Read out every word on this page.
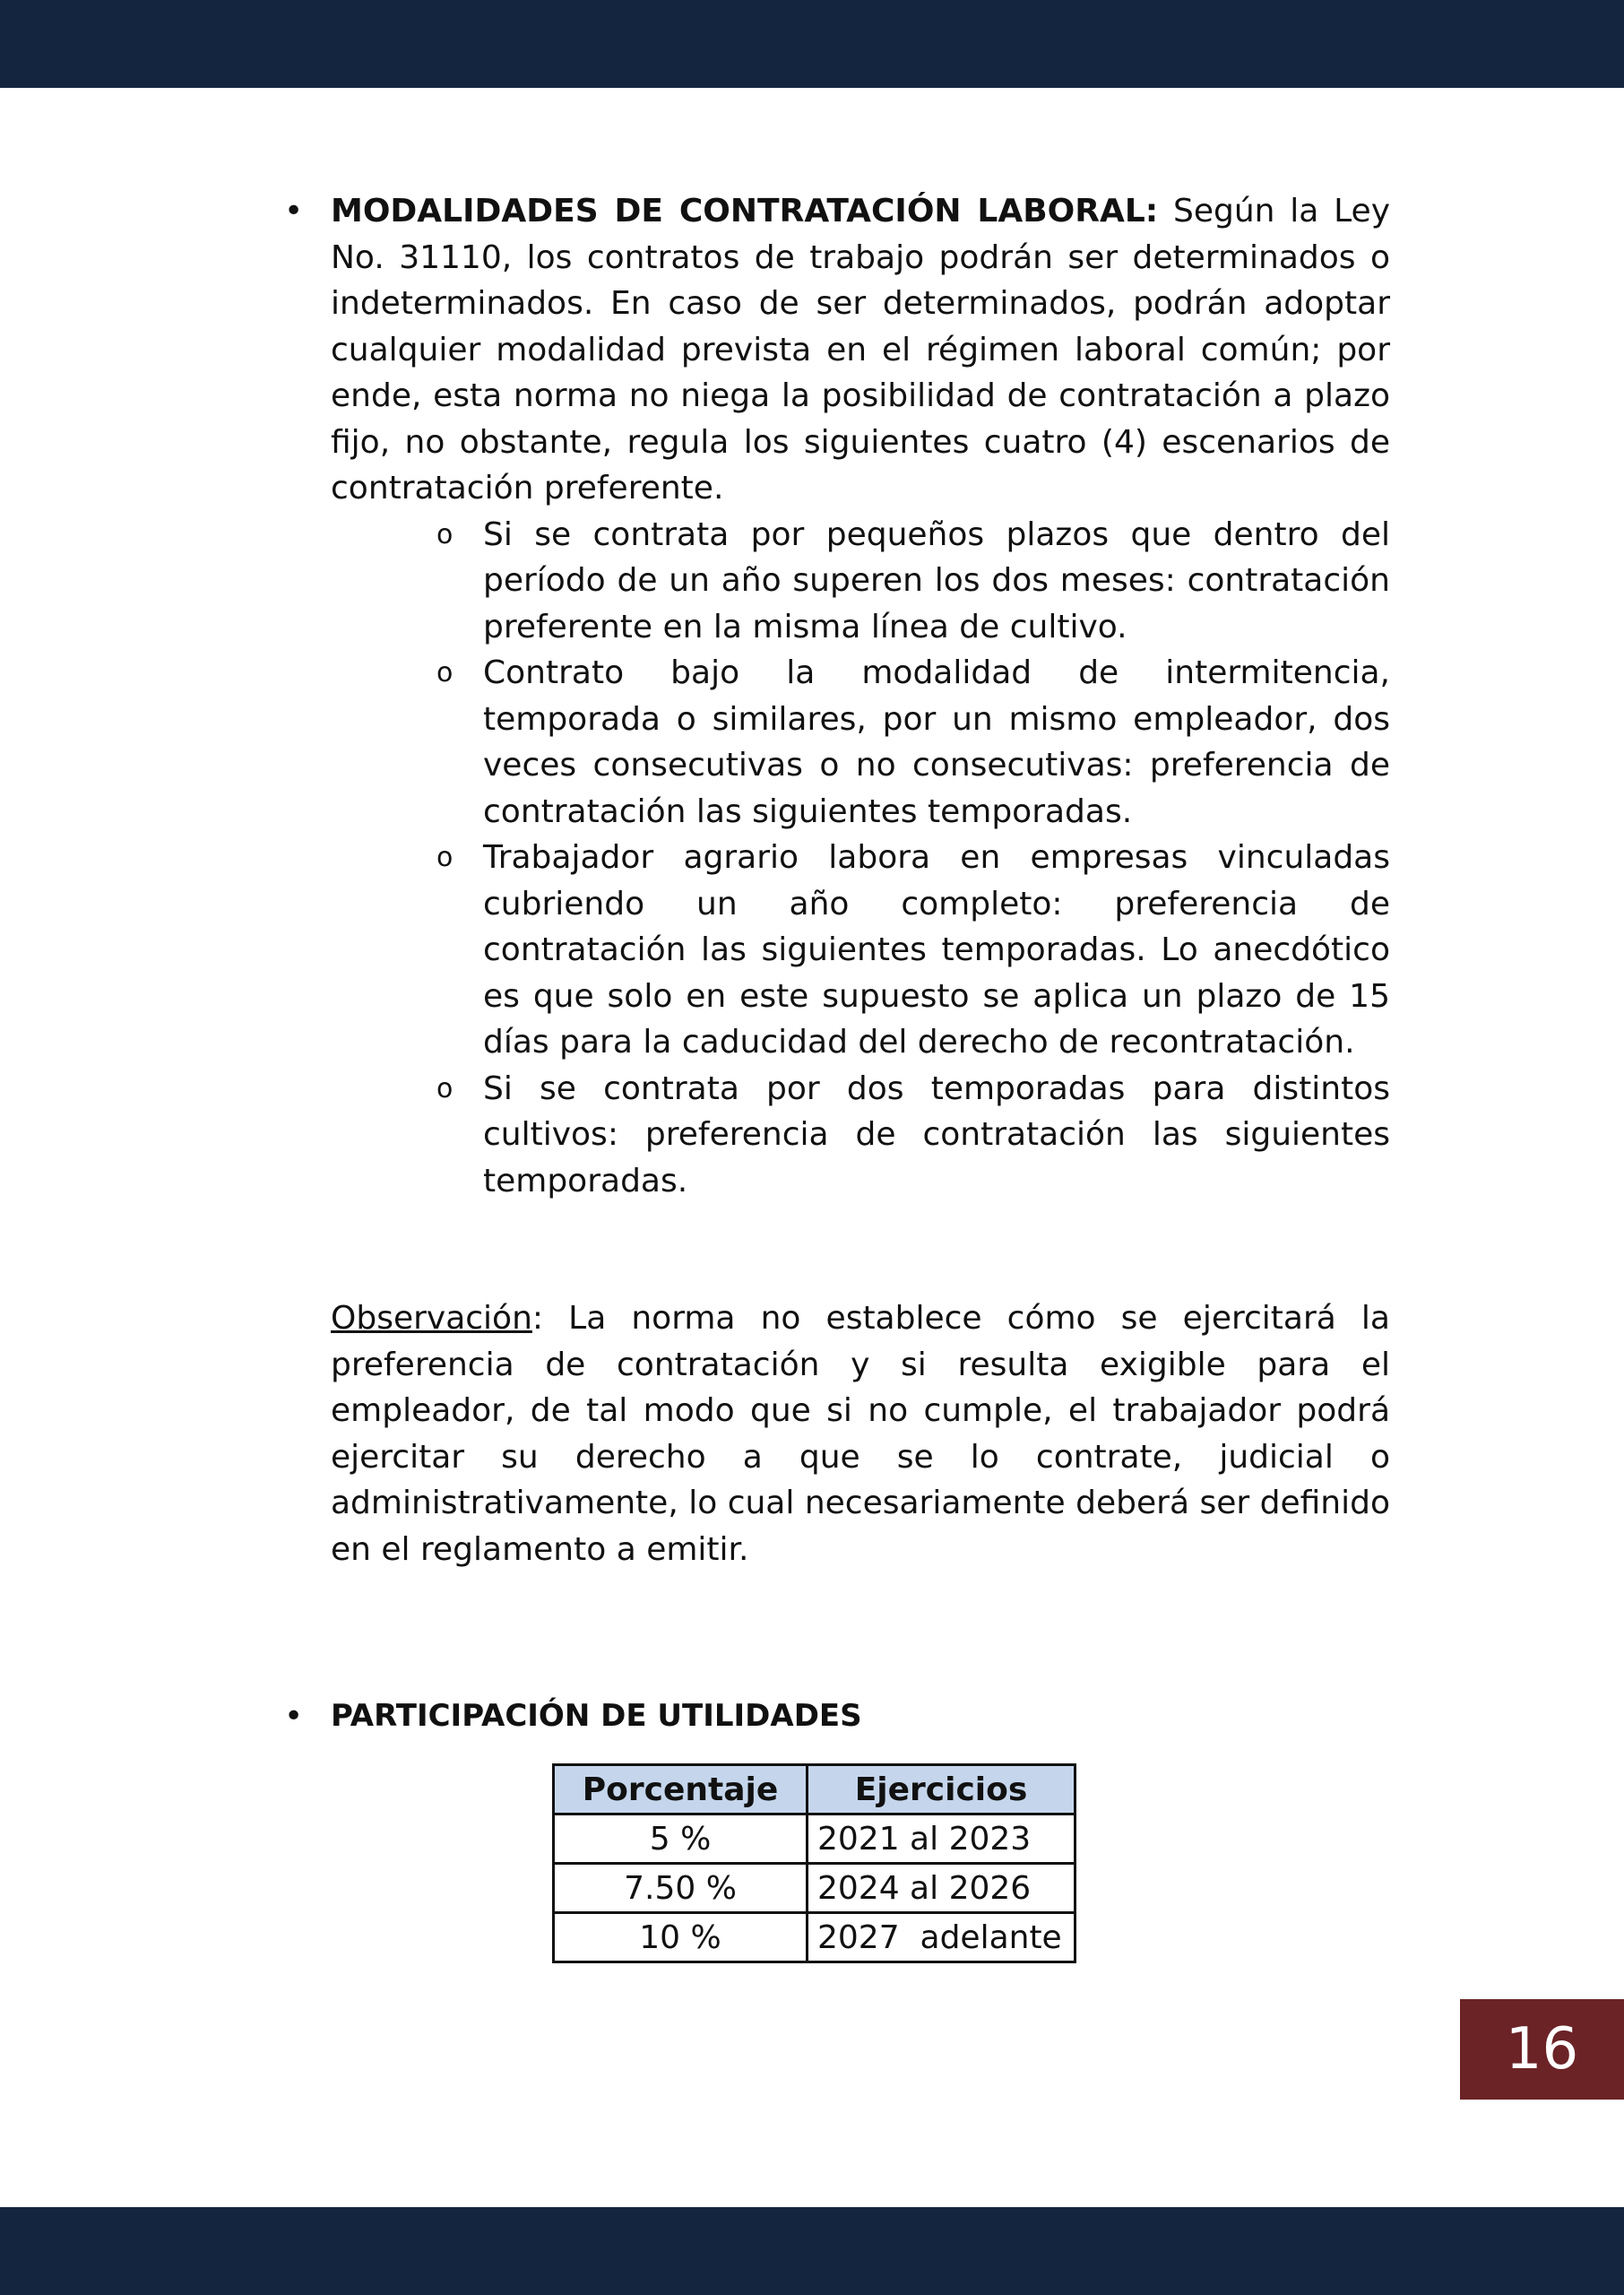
• MODALIDADES DE CONTRATACIÓN LABORAL: Según la Ley No. 31110, los contratos de trabajo podrán ser determinados o indeterminados. En caso de ser determinados, podrán adoptar cualquier modalidad prevista en el régimen laboral común; por ende, esta norma no niega la posibilidad de contratación a plazo fijo, no obstante, regula los siguientes cuatro (4) escenarios de contratación preferente.

o Si se contrata por pequeños plazos que dentro del período de un año superen los dos meses: contratación preferente en la misma línea de cultivo.

o Contrato bajo la modalidad de intermitencia, temporada o similares, por un mismo empleador, dos veces consecutivas o no consecutivas: preferencia de contratación las siguientes temporadas.

o Trabajador agrario labora en empresas vinculadas cubriendo un año completo: preferencia de contratación las siguientes temporadas. Lo anecdótico es que solo en este supuesto se aplica un plazo de 15 días para la caducidad del derecho de recontratación.

o Si se contrata por dos temporadas para distintos cultivos: preferencia de contratación las siguientes temporadas.

Observación: La norma no establece cómo se ejercitará la preferencia de contratación y si resulta exigible para el empleador, de tal modo que si no cumple, el trabajador podrá ejercitar su derecho a que se lo contrate, judicial o administrativamente, lo cual necesariamente deberá ser definido en el reglamento a emitir.

• PARTICIPACIÓN DE UTILIDADES

Porcentaje	Ejercicios
5 %	2021 al 2023
7.50 %	2024 al 2026
10 %	2027  adelante
16
